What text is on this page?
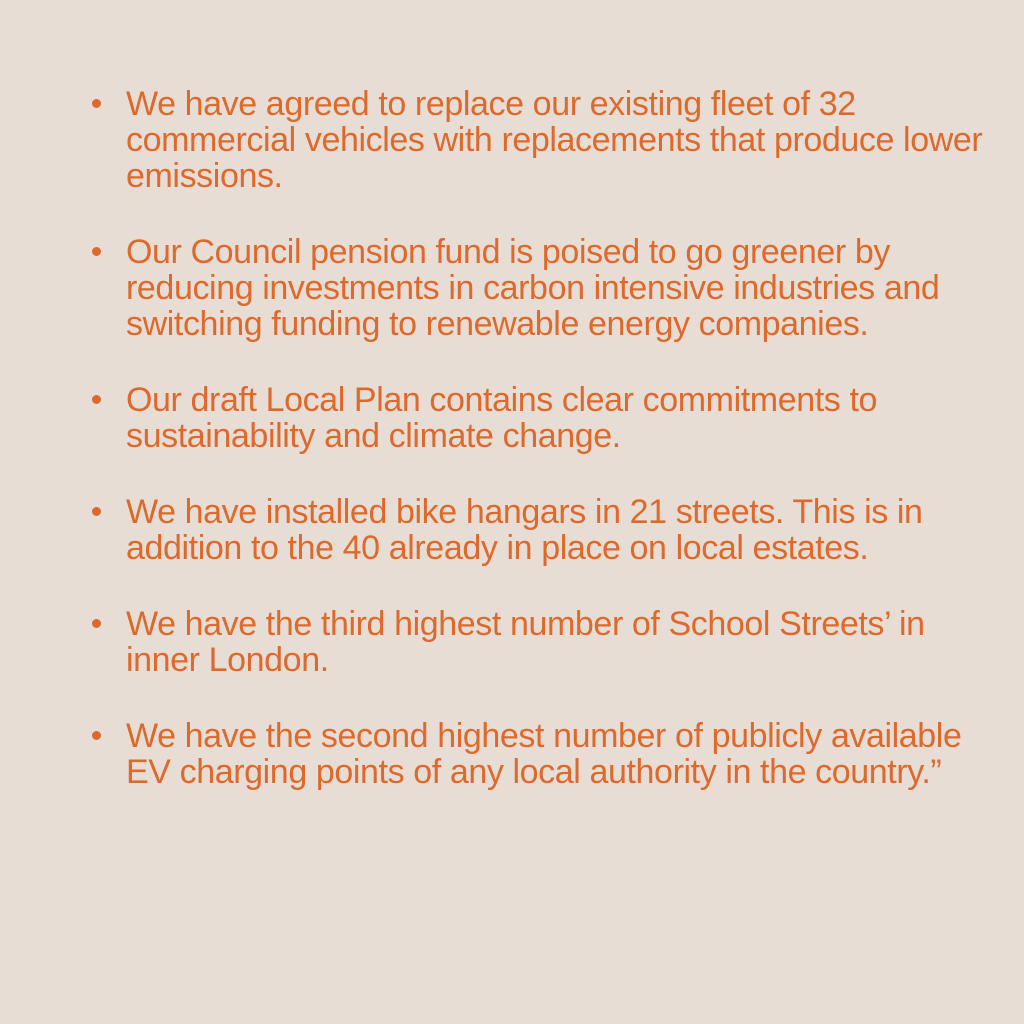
We have agreed to replace our existing fleet of 32 commercial vehicles with replacements that produce lower emissions.
Our Council pension fund is poised to go greener by reducing investments in carbon intensive industries and switching funding to renewable energy companies.
Our draft Local Plan contains clear commitments to sustainability and climate change.
We have installed bike hangars in 21 streets. This is in addition to the 40 already in place on local estates.
We have the third highest number of School Streets’ in inner London.
We have the second highest number of publicly available EV charging points of any local authority in the country.”
